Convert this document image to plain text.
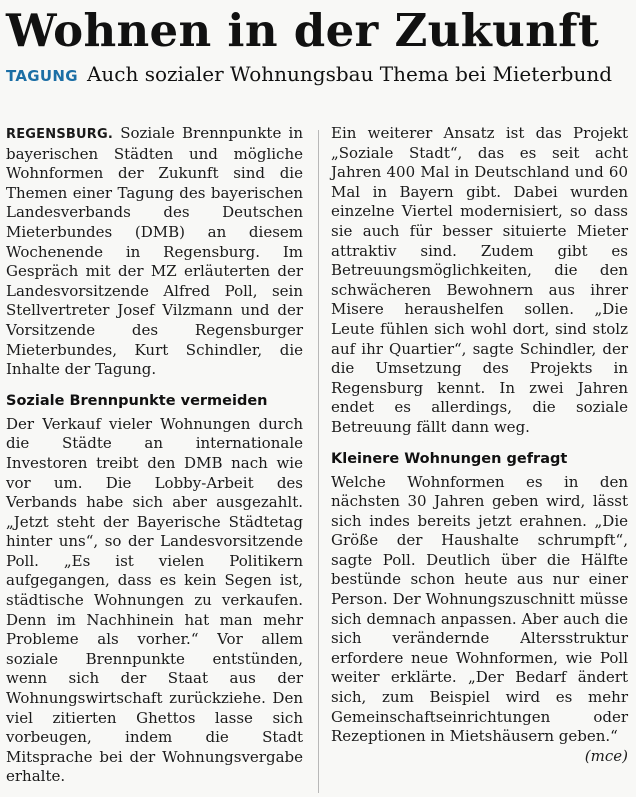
Wohnen in der Zukunft
TAGUNG Auch sozialer Wohnungsbau Thema bei Mieterbund

REGENSBURG. Soziale Brennpunkte in bayerischen Städten und mögliche Wohnformen der Zukunft sind die Themen einer Tagung des bayerischen Landesverbands des Deutschen Mieterbundes (DMB) an diesem Wochenende in Regensburg. Im Gespräch mit der MZ erläuterten der Landesvorsitzende Alfred Poll, sein Stellvertreter Josef Vilzmann und der Vorsitzende des Regensburger Mieterbundes, Kurt Schindler, die Inhalte der Tagung.

Soziale Brennpunkte vermeiden

Der Verkauf vieler Wohnungen durch die Städte an internationale Investoren treibt den DMB nach wie vor um. Die Lobby-Arbeit des Verbands habe sich aber ausgezahlt. „Jetzt steht der Bayerische Städtetag hinter uns“, so der Landesvorsitzende Poll. „Es ist vielen Politikern aufgegangen, dass es kein Segen ist, städtische Wohnungen zu verkaufen. Denn im Nachhinein hat man mehr Probleme als vorher.“ Vor allem soziale Brennpunkte entstünden, wenn sich der Staat aus der Wohnungswirtschaft zurückziehe. Den viel zitierten Ghettos lasse sich vorbeugen, indem die Stadt Mitsprache bei der Wohnungsvergabe erhalte.

Ein weiterer Ansatz ist das Projekt „Soziale Stadt“, das es seit acht Jahren 400 Mal in Deutschland und 60 Mal in Bayern gibt. Dabei wurden einzelne Viertel modernisiert, so dass sie auch für besser situierte Mieter attraktiv sind. Zudem gibt es Betreuungsmöglichkeiten, die den schwächeren Bewohnern aus ihrer Misere heraushelfen sollen. „Die Leute fühlen sich wohl dort, sind stolz auf ihr Quartier“, sagte Schindler, der die Umsetzung des Projekts in Regensburg kennt. In zwei Jahren endet es allerdings, die soziale Betreuung fällt dann weg.

Kleinere Wohnungen gefragt

Welche Wohnformen es in den nächsten 30 Jahren geben wird, lässt sich indes bereits jetzt erahnen. „Die Größe der Haushalte schrumpft“, sagte Poll. Deutlich über die Hälfte bestünde schon heute aus nur einer Person. Der Wohnungszuschnitt müsse sich demnach anpassen. Aber auch die sich verändernde Altersstruktur erfordere neue Wohnformen, wie Poll weiter erklärte. „Der Bedarf ändert sich, zum Beispiel wird es mehr Gemeinschaftseinrichtungen oder Rezeptionen in Mietshäusern geben.“
(mce)
